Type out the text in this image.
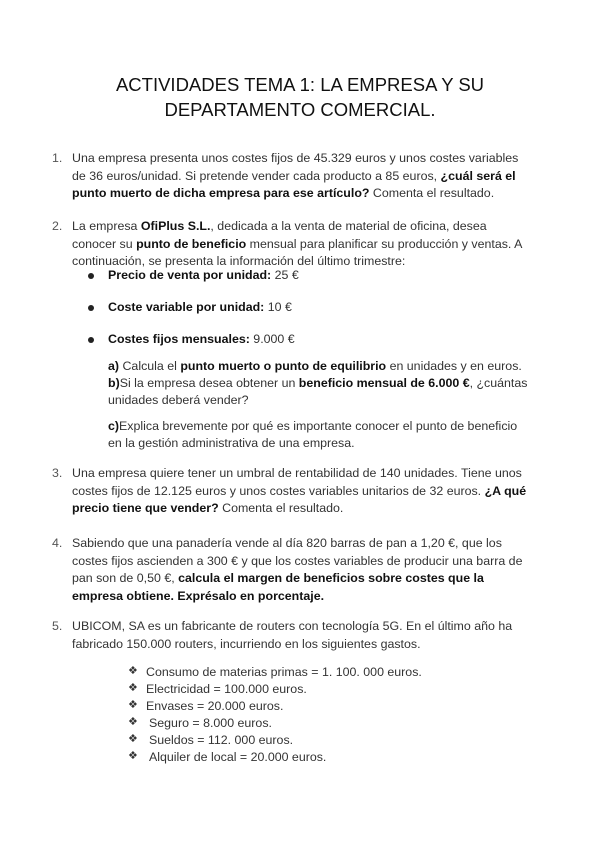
ACTIVIDADES TEMA 1: LA EMPRESA Y SU
DEPARTAMENTO COMERCIAL.
1. Una empresa presenta unos costes fijos de 45.329 euros y unos costes variables de 36 euros/unidad. Si pretende vender cada producto a 85 euros, ¿cuál será el punto muerto de dicha empresa para ese artículo? Comenta el resultado.

2. La empresa OfiPlus S.L., dedicada a la venta de material de oficina, desea conocer su punto de beneficio mensual para planificar su producción y ventas. A continuación, se presenta la información del último trimestre:

Precio de venta por unidad: 25 €
Coste variable por unidad: 10 €
Costes fijos mensuales: 9.000 €

a) Calcula el punto muerto o punto de equilibrio en unidades y en euros.

b)Si la empresa desea obtener un beneficio mensual de 6.000 €, ¿cuántas unidades deberá vender?

c)Explica brevemente por qué es importante conocer el punto de beneficio en la gestión administrativa de una empresa.

3. Una empresa quiere tener un umbral de rentabilidad de 140 unidades. Tiene unos costes fijos de 12.125 euros y unos costes variables unitarios de 32 euros. ¿A qué precio tiene que vender? Comenta el resultado.

4. Sabiendo que una panadería vende al día 820 barras de pan a 1,20 €, que los costes fijos ascienden a 300 € y que los costes variables de producir una barra de pan son de 0,50 €, calcula el margen de beneficios sobre costes que la empresa obtiene. Exprésalo en porcentaje.

5. UBICOM, SA es un fabricante de routers con tecnología 5G. En el último año ha fabricado 150.000 routers, incurriendo en los siguientes gastos.

❖ Consumo de materias primas = 1. 100. 000 euros.
❖ Electricidad = 100.000 euros.
❖ Envases = 20.000 euros.
❖ Seguro = 8.000 euros.
❖ Sueldos = 112. 000 euros.
❖ Alquiler de local = 20.000 euros.
